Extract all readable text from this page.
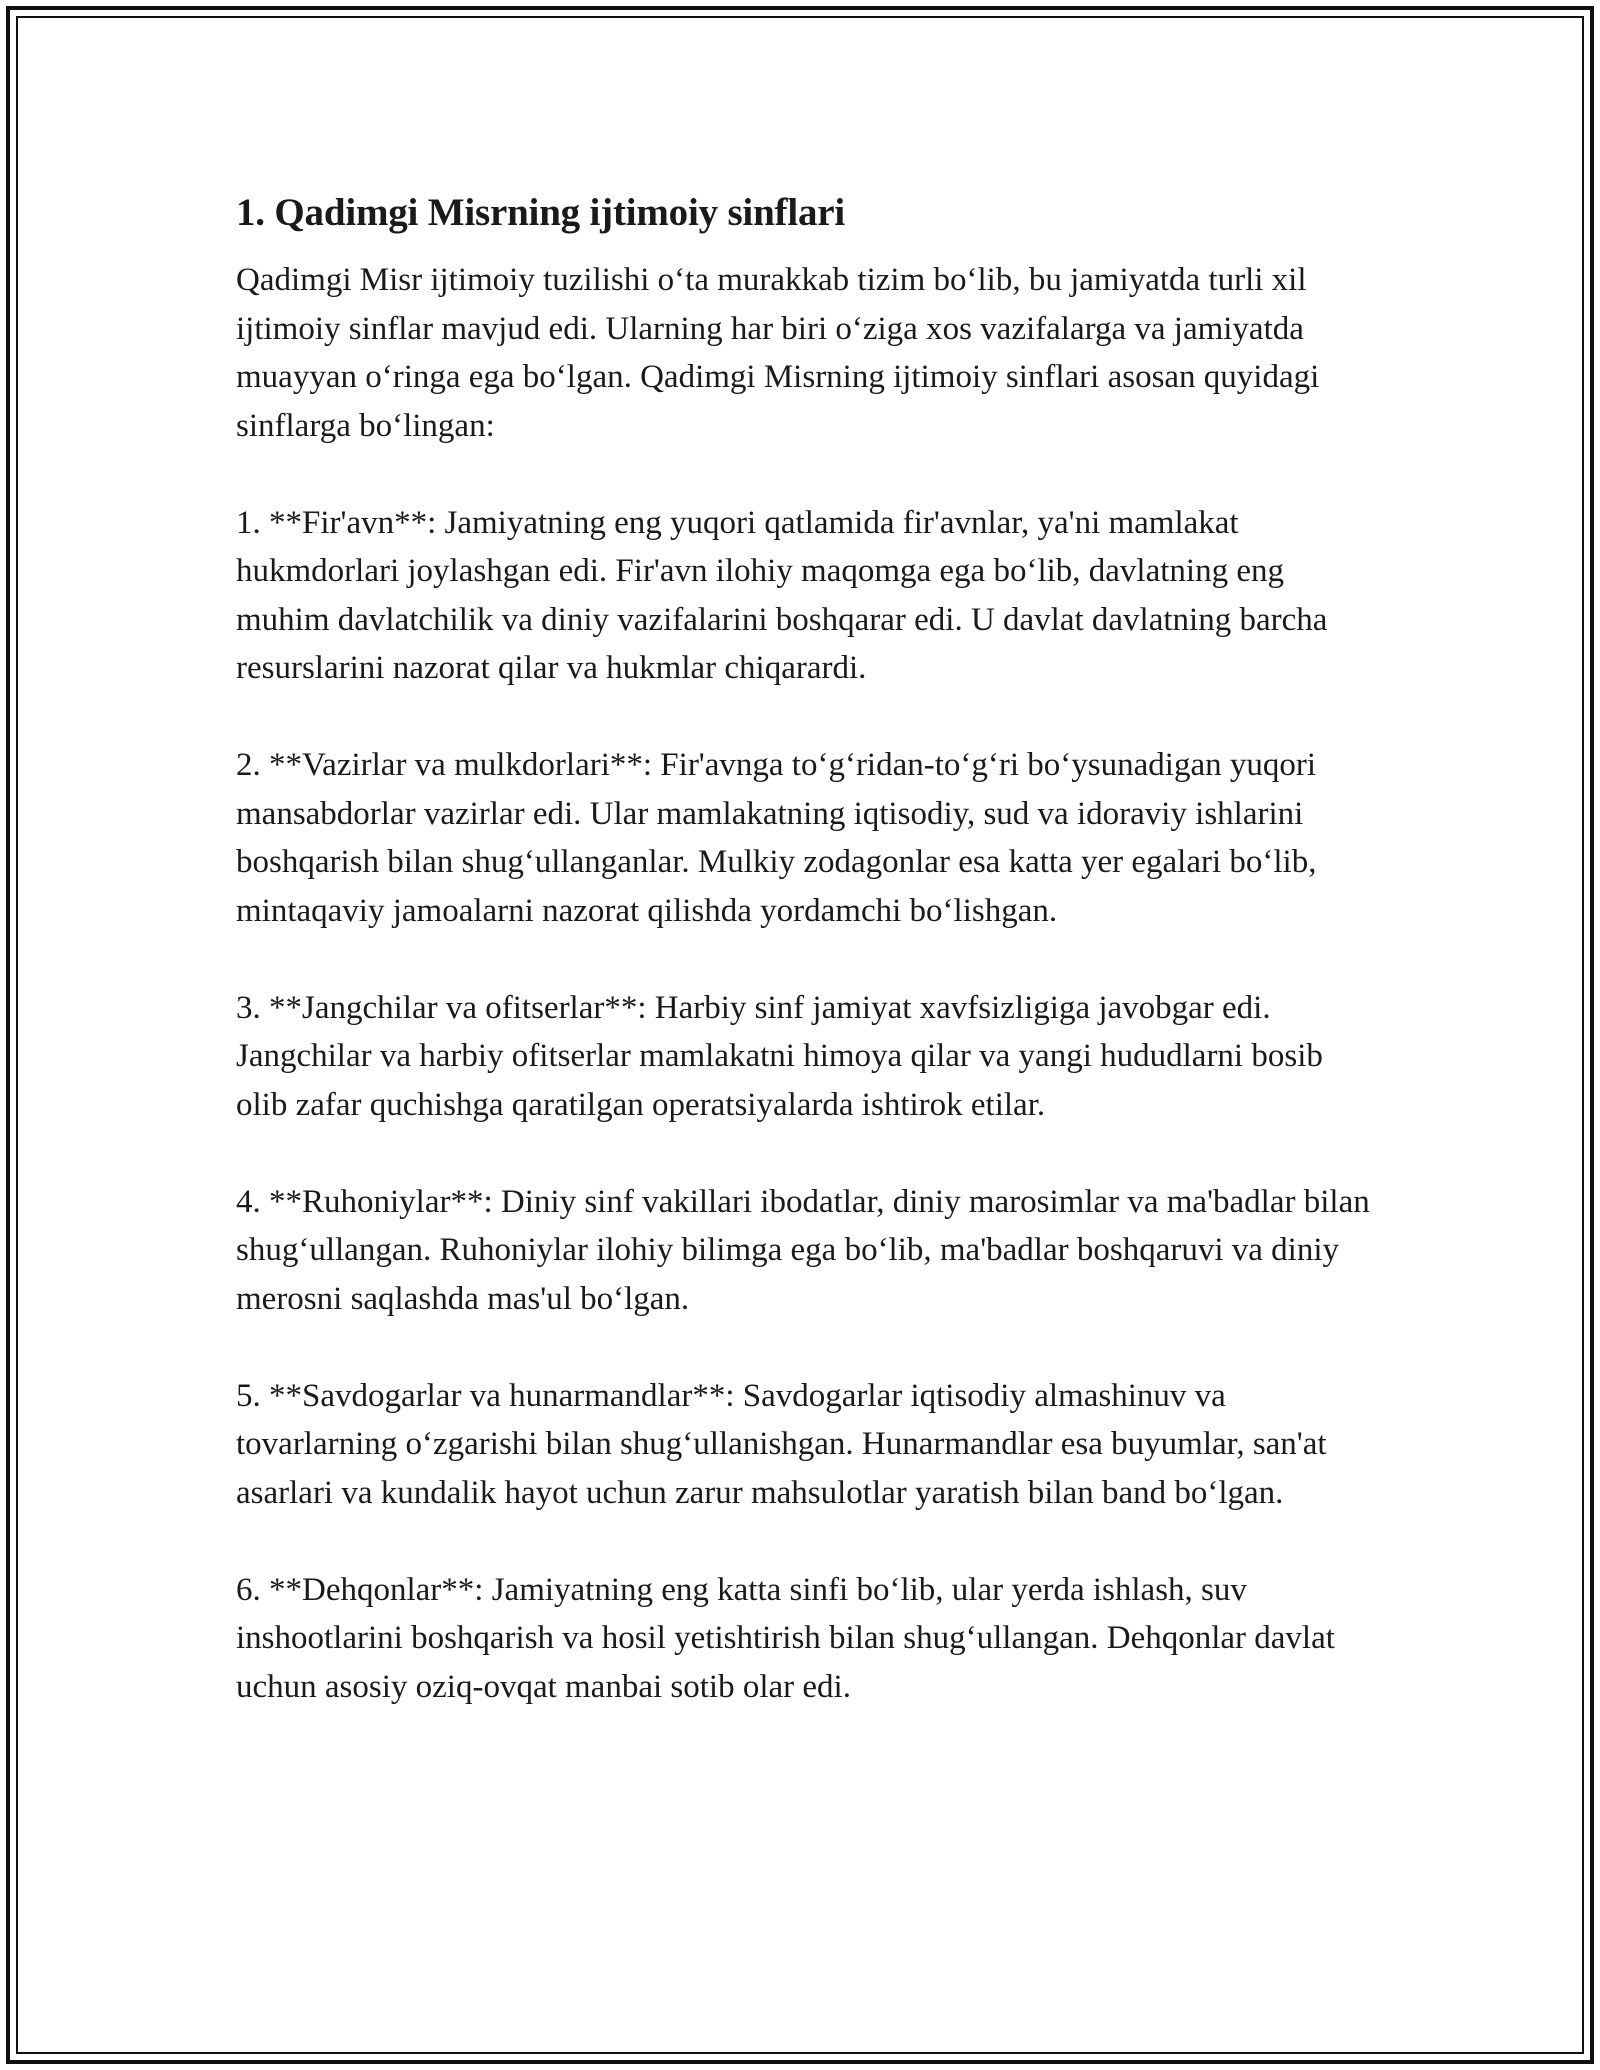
1. Qadimgi Misrning ijtimoiy sinflari

Qadimgi Misr ijtimoiy tuzilishi o‘ta murakkab tizim bo‘lib, bu jamiyatda turli xil ijtimoiy sinflar mavjud edi. Ularning har biri o‘ziga xos vazifalarga va jamiyatda muayyan o‘ringa ega bo‘lgan. Qadimgi Misrning ijtimoiy sinflari asosan quyidagi sinflarga bo‘lingan:

1. **Fir'avn**: Jamiyatning eng yuqori qatlamida fir'avnlar, ya'ni mamlakat hukmdorlari joylashgan edi. Fir'avn ilohiy maqomga ega bo‘lib, davlatning eng muhim davlatchilik va diniy vazifalarini boshqarar edi. U davlat davlatning barcha resurslarini nazorat qilar va hukmlar chiqarardi.

2. **Vazirlar va mulkdorlari**: Fir'avnga to‘g‘ridan-to‘g‘ri bo‘ysunadigan yuqori mansabdorlar vazirlar edi. Ular mamlakatning iqtisodiy, sud va idoraviy ishlarini boshqarish bilan shug‘ullanganlar. Mulkiy zodagonlar esa katta yer egalari bo‘lib, mintaqaviy jamoalarni nazorat qilishda yordamchi bo‘lishgan.

3. **Jangchilar va ofitserlar**: Harbiy sinf jamiyat xavfsizligiga javobgar edi. Jangchilar va harbiy ofitserlar mamlakatni himoya qilar va yangi hududlarni bosib olib zafar quchishga qaratilgan operatsiyalarda ishtirok etilar.

4. **Ruhoniylar**: Diniy sinf vakillari ibodatlar, diniy marosimlar va ma'badlar bilan shug‘ullangan. Ruhoniylar ilohiy bilimga ega bo‘lib, ma'badlar boshqaruvi va diniy merosni saqlashda mas'ul bo‘lgan.

5. **Savdogarlar va hunarmandlar**: Savdogarlar iqtisodiy almashinuv va tovarlarning o‘zgarishi bilan shug‘ullanishgan. Hunarmandlar esa buyumlar, san'at asarlari va kundalik hayot uchun zarur mahsulotlar yaratish bilan band bo‘lgan.

6. **Dehqonlar**: Jamiyatning eng katta sinfi bo‘lib, ular yerda ishlash, suv inshootlarini boshqarish va hosil yetishtirish bilan shug‘ullangan. Dehqonlar davlat uchun asosiy oziq-ovqat manbai sotib olar edi.
